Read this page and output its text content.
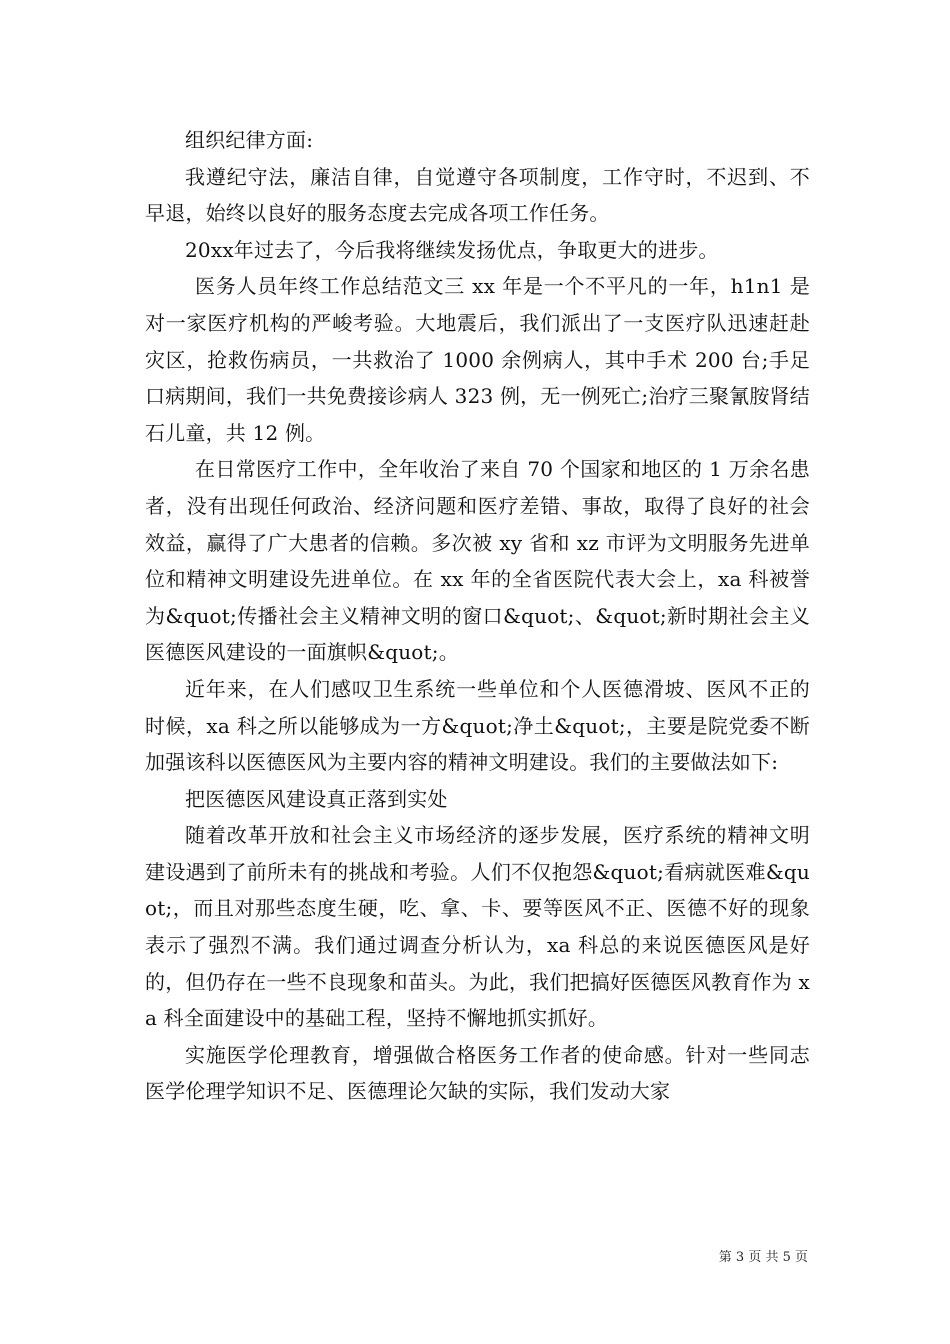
组织纪律方面:

我遵纪守法，廉洁自律，自觉遵守各项制度，工作守时，不迟到、不早退，始终以良好的服务态度去完成各项工作任务。

20xx年过去了，今后我将继续发扬优点，争取更大的进步。

医务人员年终工作总结范文三 xx 年是一个不平凡的一年，h1n1 是对一家医疗机构的严峻考验。大地震后，我们派出了一支医疗队迅速赶赴灾区，抢救伤病员，一共救治了 1000 余例病人，其中手术 200 台;手足口病期间，我们一共免费接诊病人 323 例，无一例死亡;治疗三聚氰胺肾结石儿童，共 12 例。

在日常医疗工作中，全年收治了来自 70 个国家和地区的 1 万余名患者，没有出现任何政治、经济问题和医疗差错、事故，取得了良好的社会效益，赢得了广大患者的信赖。多次被 xy 省和 xz 市评为文明服务先进单位和精神文明建设先进单位。在 xx 年的全省医院代表大会上，xa 科被誉为&quot;传播社会主义精神文明的窗口&quot;、&quot;新时期社会主义医德医风建设的一面旗帜&quot;。

近年来，在人们感叹卫生系统一些单位和个人医德滑坡、医风不正的时候，xa 科之所以能够成为一方&quot;净土&quot;，主要是院党委不断加强该科以医德医风为主要内容的精神文明建设。我们的主要做法如下:

把医德医风建设真正落到实处

随着改革开放和社会主义市场经济的逐步发展，医疗系统的精神文明建设遇到了前所未有的挑战和考验。人们不仅抱怨&quot;看病就医难&quot;，而且对那些态度生硬，吃、拿、卡、要等医风不正、医德不好的现象表示了强烈不满。我们通过调查分析认为，xa 科总的来说医德医风是好的，但仍存在一些不良现象和苗头。为此，我们把搞好医德医风教育作为 xa 科全面建设中的基础工程，坚持不懈地抓实抓好。

实施医学伦理教育，增强做合格医务工作者的使命感。针对一些同志医学伦理学知识不足、医德理论欠缺的实际，我们发动大家

第 3 页 共 5 页
